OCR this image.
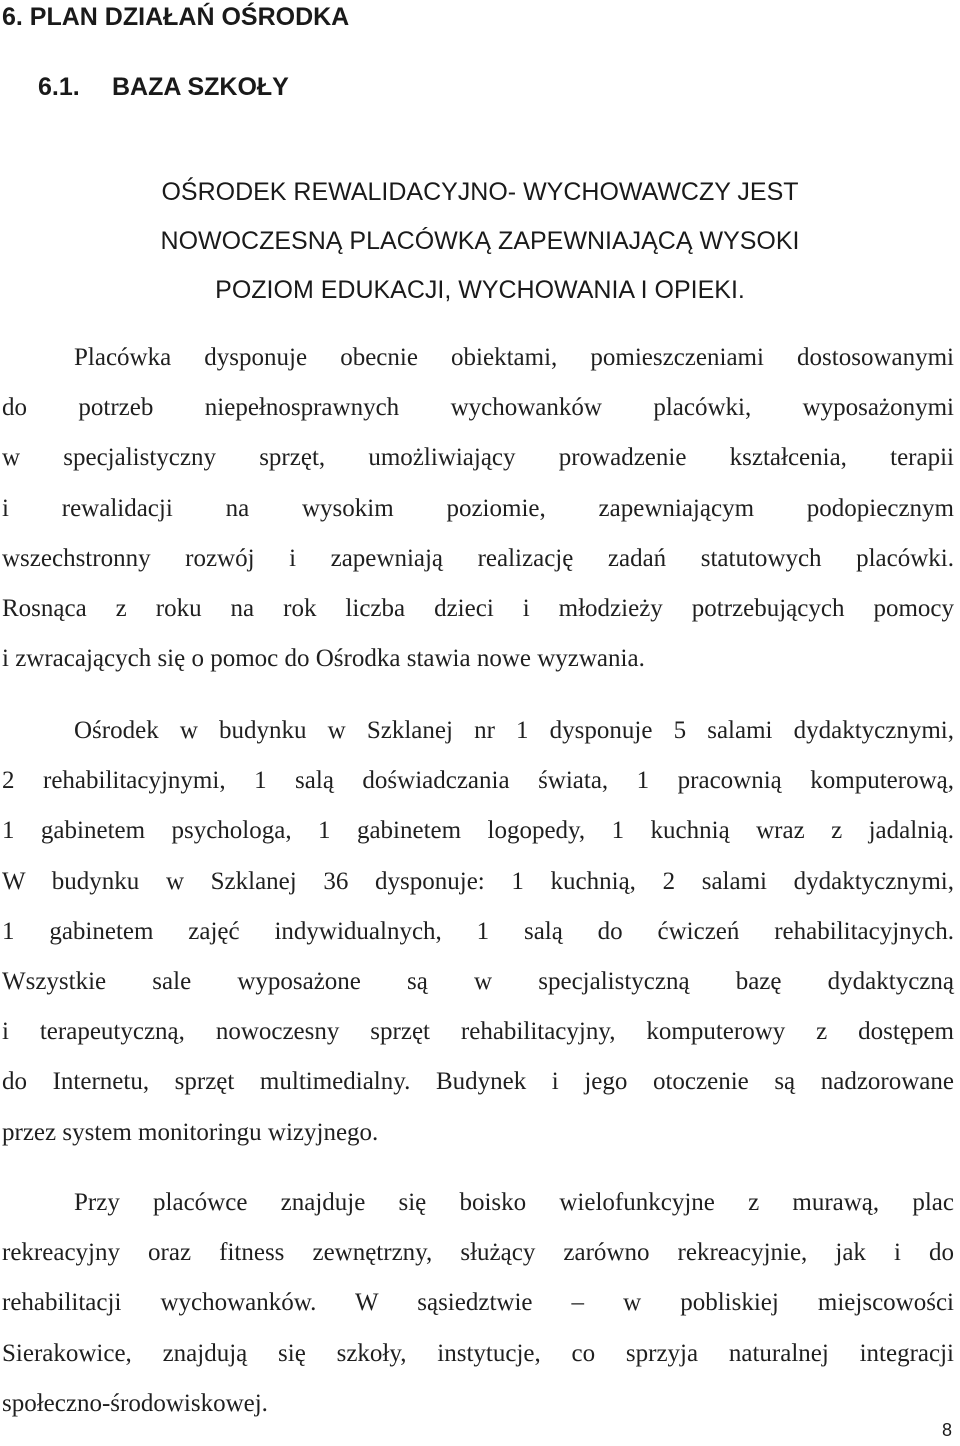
6. PLAN DZIAŁAŃ OŚRODKA
6.1. BAZA SZKOŁY

OŚRODEK REWALIDACYJNO- WYCHOWAWCZY JEST
NOWOCZESNĄ PLACÓWKĄ ZAPEWNIAJĄCĄ WYSOKI
POZIOM EDUKACJI, WYCHOWANIA I OPIEKI.

Placówka dysponuje obecnie obiektami, pomieszczeniami dostosowanymi
do potrzeb niepełnosprawnych wychowanków placówki, wyposażonymi
w specjalistyczny sprzęt, umożliwiający prowadzenie kształcenia, terapii
i rewalidacji na wysokim poziomie, zapewniającym podopiecznym
wszechstronny rozwój i zapewniają realizację zadań statutowych placówki.
Rosnąca z roku na rok liczba dzieci i młodzieży potrzebujących pomocy
i zwracających się o pomoc do Ośrodka stawia nowe wyzwania.

Ośrodek w budynku w Szklanej nr 1 dysponuje 5 salami dydaktycznymi,
2 rehabilitacyjnymi, 1 salą doświadczania świata, 1 pracownią komputerową,
1 gabinetem psychologa, 1 gabinetem logopedy, 1 kuchnią wraz z jadalnią.
W budynku w Szklanej 36 dysponuje: 1 kuchnią, 2 salami dydaktycznymi,
1 gabinetem zajęć indywidualnych, 1 salą do ćwiczeń rehabilitacyjnych.
Wszystkie sale wyposażone są w specjalistyczną bazę dydaktyczną
i terapeutyczną, nowoczesny sprzęt rehabilitacyjny, komputerowy z dostępem
do Internetu, sprzęt multimedialny. Budynek i jego otoczenie są nadzorowane
przez system monitoringu wizyjnego.

Przy placówce znajduje się boisko wielofunkcyjne z murawą, plac
rekreacyjny oraz fitness zewnętrzny, służący zarówno rekreacyjnie, jak i do
rehabilitacji wychowanków. W sąsiedztwie – w pobliskiej miejscowości
Sierakowice, znajdują się szkoły, instytucje, co sprzyja naturalnej integracji
społeczno-środowiskowej.

8
